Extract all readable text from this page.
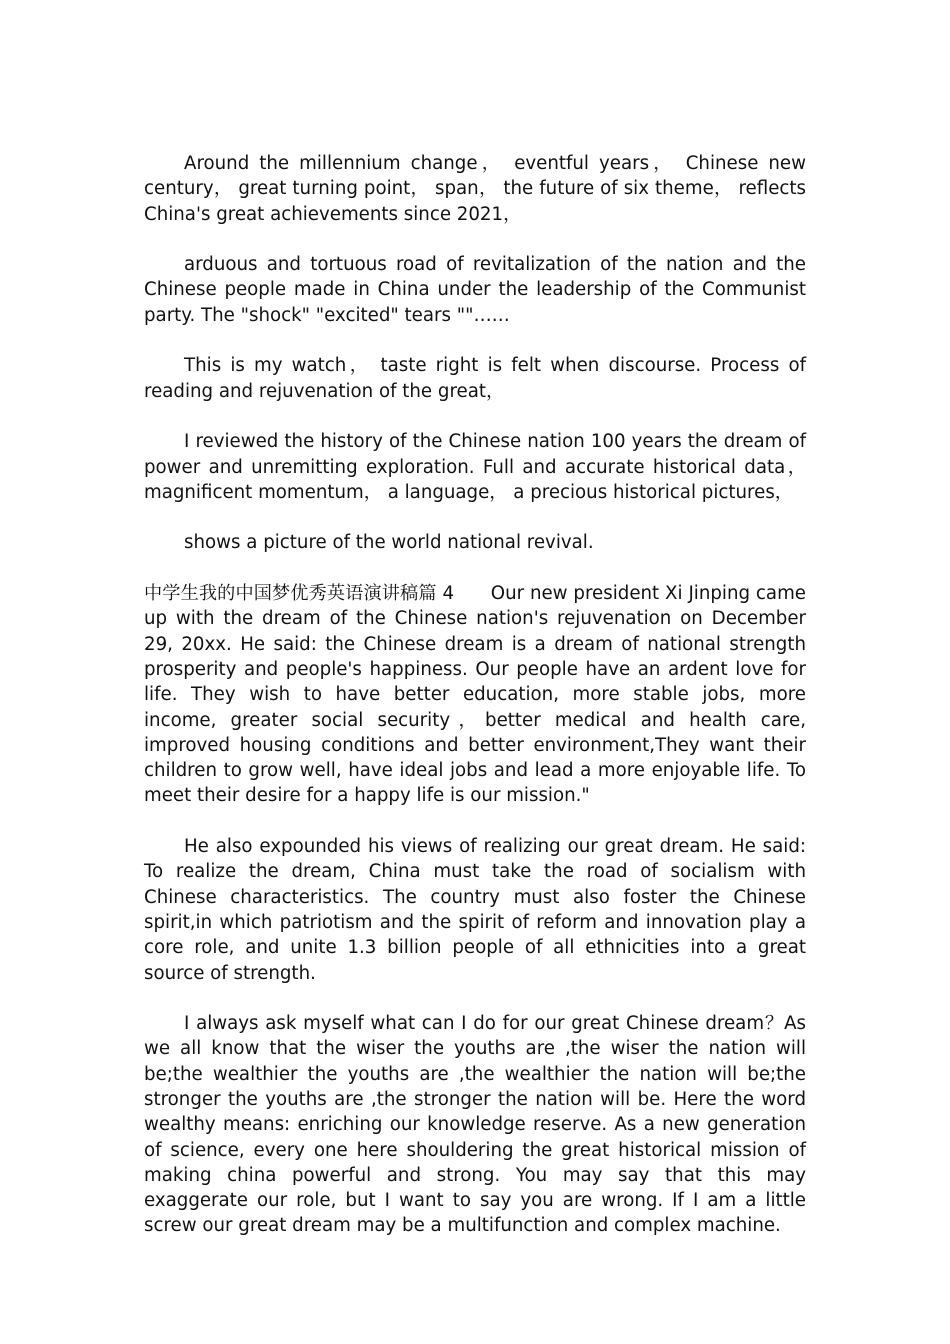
Around the millennium change， eventful years， Chinese new century， great turning point， span， the future of six theme， reflects China's great achievements since 2021，

arduous and tortuous road of revitalization of the nation and the Chinese people made in China under the leadership of the Communist party. The "shock" "excited" tears ""……

This is my watch， taste right is felt when discourse. Process of reading and rejuvenation of the great，

I reviewed the history of the Chinese nation 100 years the dream of power and unremitting exploration. Full and accurate historical data，magnificent momentum， a language， a precious historical pictures，

shows a picture of the world national revival.

中学生我的中国梦优秀英语演讲稿篇 4　　Our new president Xi Jinping came up with the dream of the Chinese nation's rejuvenation on December 29, 20xx. He said: the Chinese dream is a dream of national strength prosperity and people's happiness. Our people have an ardent love for life. They wish to have better education, more stable jobs, more income, greater social security，better medical and health care, improved housing conditions and better environment,They want their children to grow well, have ideal jobs and lead a more enjoyable life. To meet their desire for a happy life is our mission."

He also expounded his views of realizing our great dream. He said: To realize the dream, China must take the road of socialism with Chinese characteristics. The country must also foster the Chinese spirit,in which patriotism and the spirit of reform and innovation play a core role, and unite 1.3 billion people of all ethnicities into a great source of strength.

I always ask myself what can I do for our great Chinese dream？As we all know that the wiser the youths are ,the wiser the nation will be;the wealthier the youths are ,the wealthier the nation will be;the stronger the youths are ,the stronger the nation will be. Here the word wealthy means: enriching our knowledge reserve. As a new generation of science, every one here shouldering the great historical mission of making china powerful and strong. You may say that this may exaggerate our role, but I want to say you are wrong. If I am a little screw our great dream may be a multifunction and complex machine.
